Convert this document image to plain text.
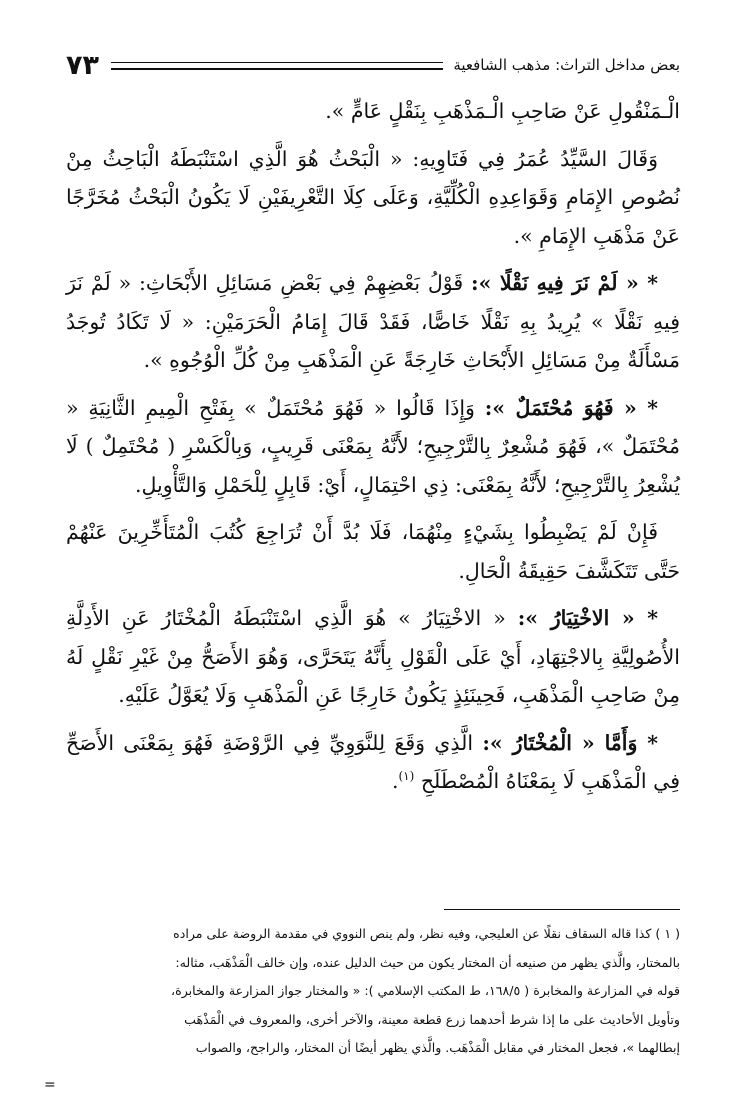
بعض مداخل التراث: مذهب الشافعية
٧٣

الْـمَنْقُولِ عَنْ صَاحِبِ الْـمَذْهَبِ بِنَقْلٍ عَامٍّ ».

وَقَالَ السَّيِّدُ عُمَرُ فِي فَتَاوِيهِ: « الْبَحْثُ هُوَ الَّذِي اسْتَنْبَطَهُ الْبَاحِثُ مِنْ نُصُوصِ الإِمَامِ وَقَوَاعِدِهِ الْكُلِّيَّةِ، وَعَلَى كِلَا التَّعْرِيفَيْنِ لَا يَكُونُ الْبَحْثُ مُخَرَّجًا عَنْ مَذْهَبِ الإِمَامِ ».

* « لَمْ نَرَ فِيهِ نَقْلًا »: قَوْلُ بَعْضِهِمْ فِي بَعْضِ مَسَائِلِ الأَبْحَاثِ: « لَمْ نَرَ فِيهِ نَقْلًا » يُرِيدُ بِهِ نَقْلًا خَاصًّا، فَقَدْ قَالَ إِمَامُ الْحَرَمَيْنِ: « لَا تَكَادُ تُوجَدُ مَسْأَلَةٌ مِنْ مَسَائِلِ الأَبْحَاثِ خَارِجَةً عَنِ الْمَذْهَبِ مِنْ كُلِّ الْوُجُوهِ ».

* « فَهُوَ مُحْتَمَلٌ »: وَإِذَا قَالُوا « فَهُوَ مُحْتَمَلٌ » بِفَتْحِ الْمِيمِ الثَّانِيَةِ « مُحْتَمَلٌ »، فَهُوَ مُشْعِرٌ بِالتَّرْجِيحِ؛ لأَنَّهُ بِمَعْنَى قَرِيبٍ، وَبِالْكَسْرِ ( مُحْتَمِلٌ ) لَا يُشْعِرُ بِالتَّرْجِيحِ؛ لأَنَّهُ بِمَعْنَى: ذِي احْتِمَالٍ، أَيْ: قَابِلٍ لِلْحَمْلِ وَالتَّأْوِيلِ.

فَإِنْ لَمْ يَضْبِطُوا بِشَيْءٍ مِنْهُمَا، فَلَا بُدَّ أَنْ تُرَاجِعَ كُتُبَ الْمُتَأَخِّرِينَ عَنْهُمْ حَتَّى تَتَكَشَّفَ حَقِيقَةُ الْحَالِ.

* « الاخْتِيَارُ »: « الاخْتِيَارُ » هُوَ الَّذِي اسْتَنْبَطَهُ الْمُخْتَارُ عَنِ الأَدِلَّةِ الأُصُولِيَّةِ بِالاجْتِهَادِ، أَيْ عَلَى الْقَوْلِ بِأَنَّهُ يَتَحَرَّى، وَهُوَ الأَصَحُّ مِنْ غَيْرِ نَقْلٍ لَهُ مِنْ صَاحِبِ الْمَذْهَبِ، فَحِينَئِذٍ يَكُونُ خَارِجًا عَنِ الْمَذْهَبِ وَلَا يُعَوَّلُ عَلَيْهِ.

* وَأَمَّا « الْمُخْتَارُ »: الَّذِي وَقَعَ لِلنَّوَوِيِّ فِي الرَّوْضَةِ فَهُوَ بِمَعْنَى الأَصَحِّ فِي الْمَذْهَبِ لَا بِمَعْنَاهُ الْمُصْطَلَحِ $^{(١)}$.

( ١ ) كذا قاله السقاف نقلًا عن العليجي، وفيه نظر، ولم ينص النووي في مقدمة الروضة على مراده

بالمختار، والَّذي يظهر من صنيعه أن المختار يكون من حيث الدليل عنده، وإن خالف الْمَذْهَب، مثاله:

قوله في المزارعة والمخابرة ( ١٦٨/٥، ط المكتب الإسلامي ): « والمختار جواز المزارعة والمخابرة،

وتأويل الأحاديث على ما إذا شرط أحدهما زرع قطعة معينة، والآخر أخرى، والمعروف في الْمَذْهَب

إبطالهما »، فجعل المختار في مقابل الْمَذْهَب. والَّذي يظهر أيضًا أن المختار، والراجح، والصواب

=
